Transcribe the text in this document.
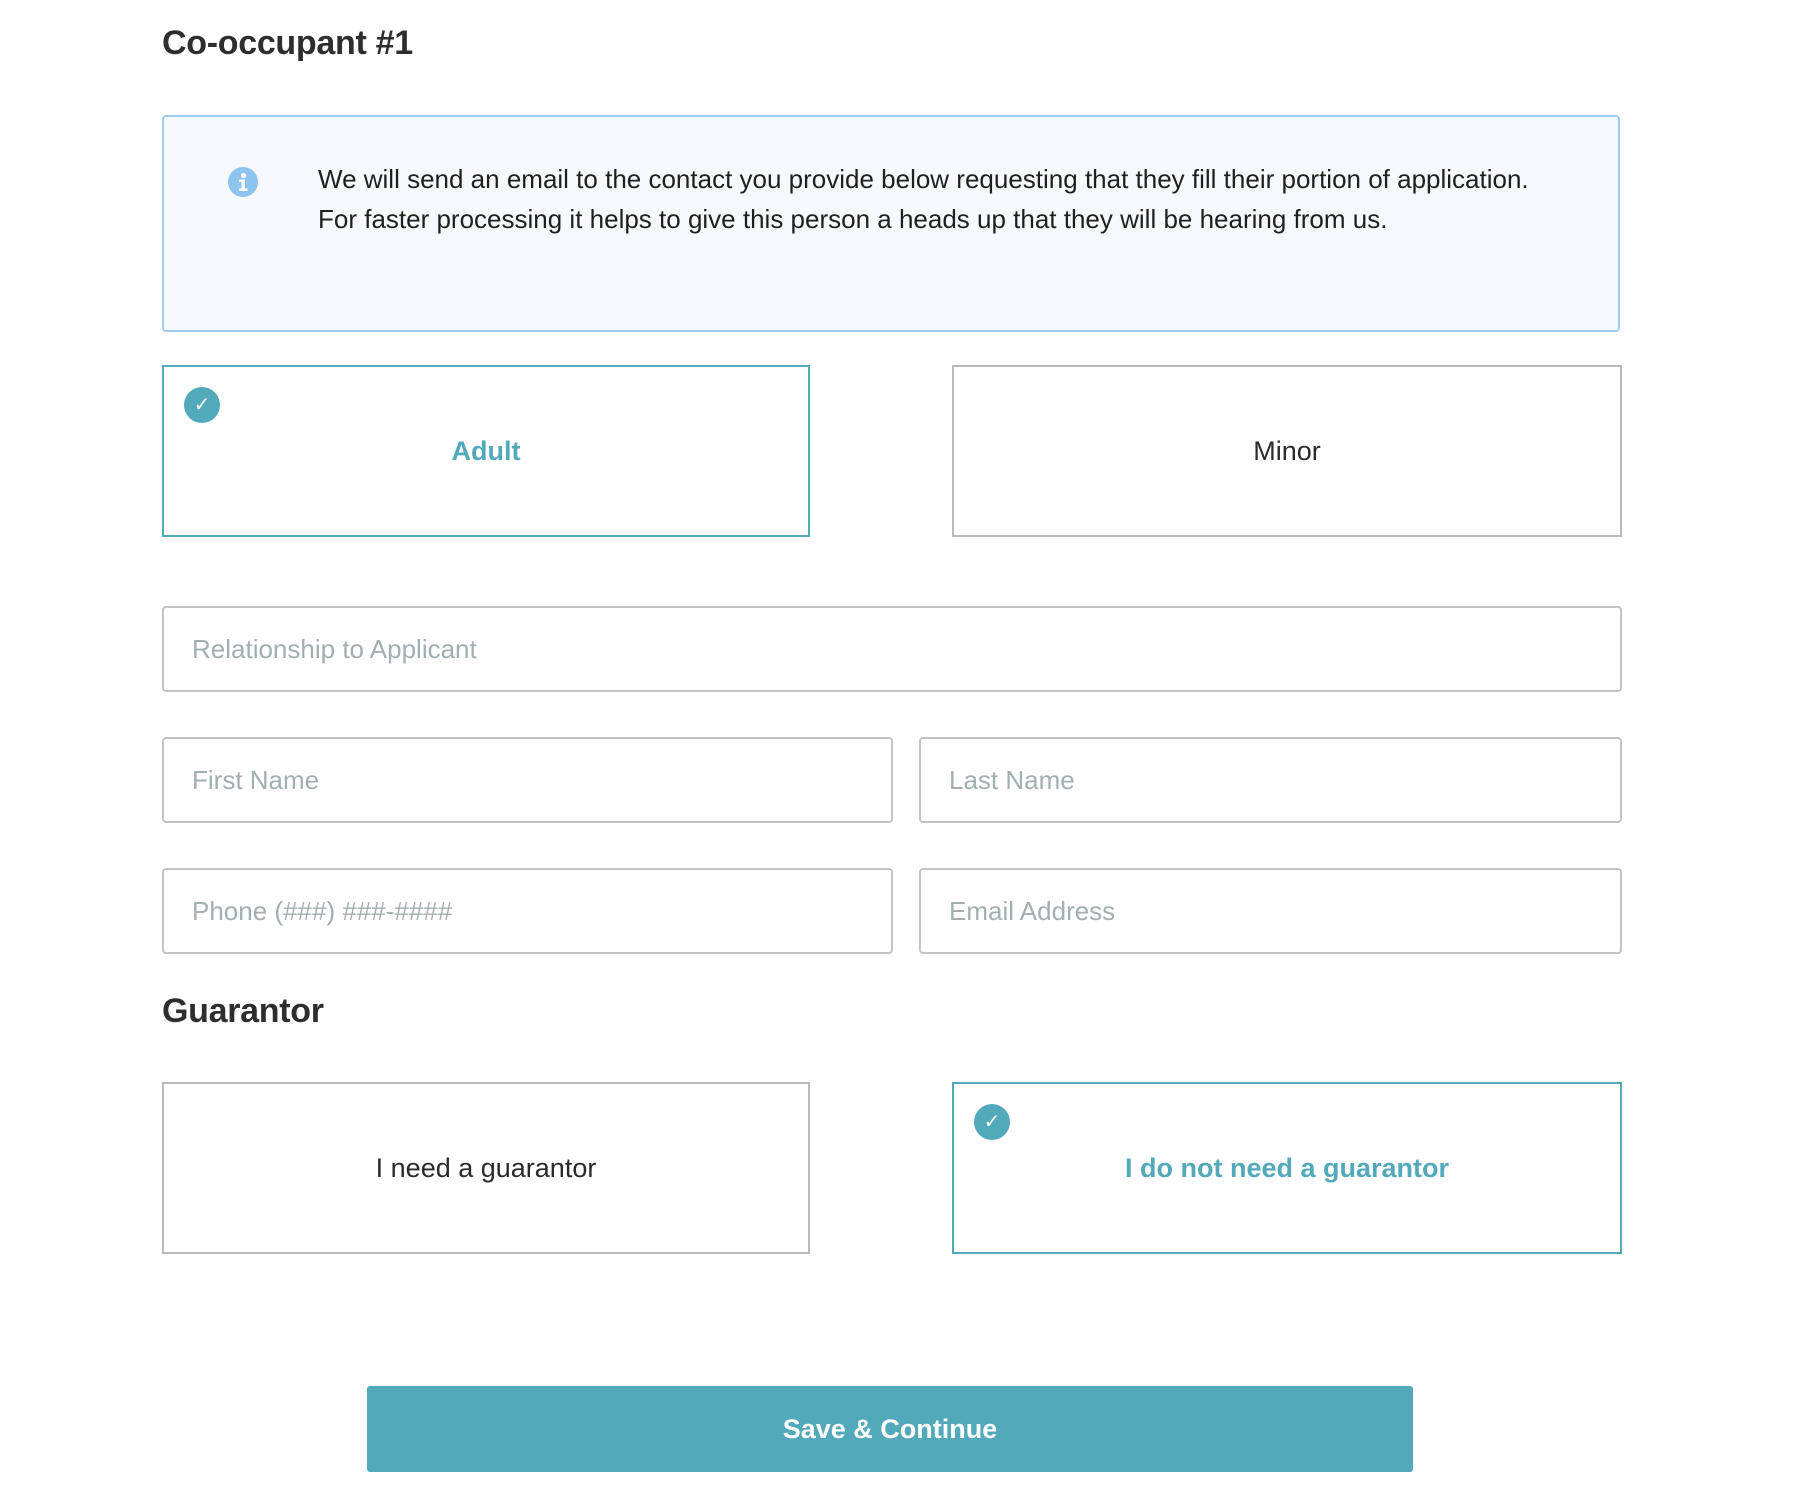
Co-occupant #1
We will send an email to the contact you provide below requesting that they fill their portion of application. For faster processing it helps to give this person a heads up that they will be hearing from us.
✓
Adult	Minor
Relationship to Applicant
First Name
Last Name
Phone (###) ###-####
Email Address
Guarantor
I need a guarantor
✓
I do not need a guarantor
Save & Continue
